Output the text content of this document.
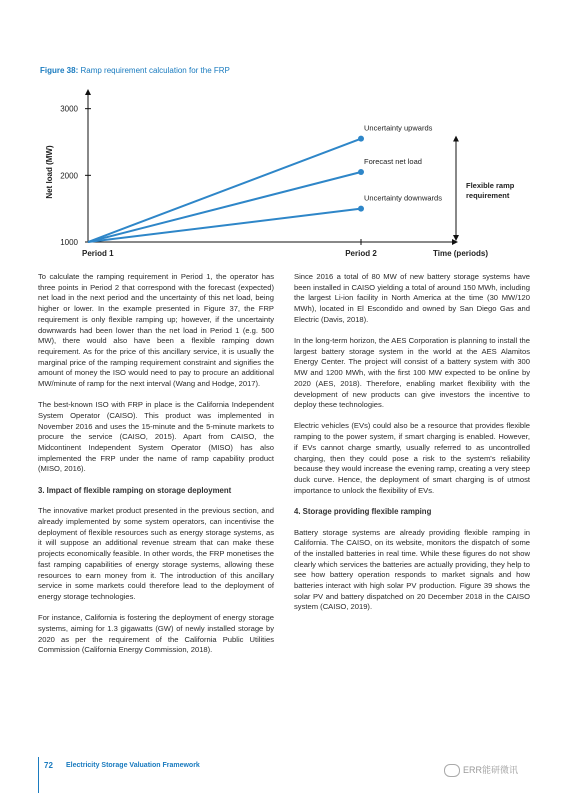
Figure 38: Ramp requirement calculation for the FRP
1000
2000
3000
Net load (MW)
Period 1	Period 2	Time (periods)
Uncertainty upwards
Forecast net load
Uncertainty downwards
Flexible ramp
requirement

To calculate the ramping requirement in Period 1, the operator has three points in Period 2 that correspond with the forecast (expected) net load in the next period and the uncertainty of this net load, being higher or lower. In the example presented in Figure 37, the FRP requirement is only flexible ramping up; however, if the uncertainty downwards had been lower than the net load in Period 1 (e.g. 500 MW), there would also have been a flexible ramping down requirement. As for the price of this ancillary service, it is usually the marginal price of the ramping requirement constraint and signifies the amount of money the ISO would need to pay to procure an additional MW/minute of ramp for the next interval (Wang and Hodge, 2017).

The best-known ISO with FRP in place is the California Independent System Operator (CAISO). This product was implemented in November 2016 and uses the 15-minute and the 5-minute markets to procure the service (CAISO, 2015). Apart from CAISO, the Midcontinent Independent System Operator (MISO) has also implemented the FRP under the name of ramp capability product (MISO, 2016).

3. Impact of flexible ramping on storage deployment

The innovative market product presented in the previous section, and already implemented by some system operators, can incentivise the deployment of flexible resources such as energy storage systems, as it will suppose an additional revenue stream that can make these projects economically feasible. In other words, the FRP monetises the fast ramping capabilities of energy storage systems, allowing these resources to earn money from it. The introduction of this ancillary service in some markets could therefore lead to the deployment of energy storage technologies.

For instance, California is fostering the deployment of energy storage systems, aiming for 1.3 gigawatts (GW) of newly installed storage by 2020 as per the requirement of the California Public Utilities Commission (California Energy Commission, 2018).

Since 2016 a total of 80 MW of new battery storage systems have been installed in CAISO yielding a total of around 150 MWh, including the largest Li-ion facility in North America at the time (30 MW/120 MWh), located in El Escondido and owned by San Diego Gas and Electric (Davis, 2018).

In the long-term horizon, the AES Corporation is planning to install the largest battery storage system in the world at the AES Alamitos Energy Center. The project will consist of a battery system with 300 MW and 1200 MWh, with the first 100 MW expected to be online by 2020 (AES, 2018). Therefore, enabling market flexibility with the development of new products can give investors the incentive to deploy these technologies.

Electric vehicles (EVs) could also be a resource that provides flexible ramping to the power system, if smart charging is enabled. However, if EVs cannot charge smartly, usually referred to as uncontrolled charging, then they could pose a risk to the system's reliability because they would increase the evening ramp, creating a very steep duck curve. Hence, the deployment of smart charging is of utmost importance to unlock the flexibility of EVs.

4. Storage providing flexible ramping

Battery storage systems are already providing flexible ramping in California. The CAISO, on its website, monitors the dispatch of some of the installed batteries in real time. While these figures do not show clearly which services the batteries are actually providing, they help to see how battery operation responds to market signals and how batteries interact with high solar PV production. Figure 39 shows the solar PV and battery dispatched on 20 December 2018 in the CAISO system (CAISO, 2019).

72 Electricity Storage Valuation Framework	ERR能研微讯
